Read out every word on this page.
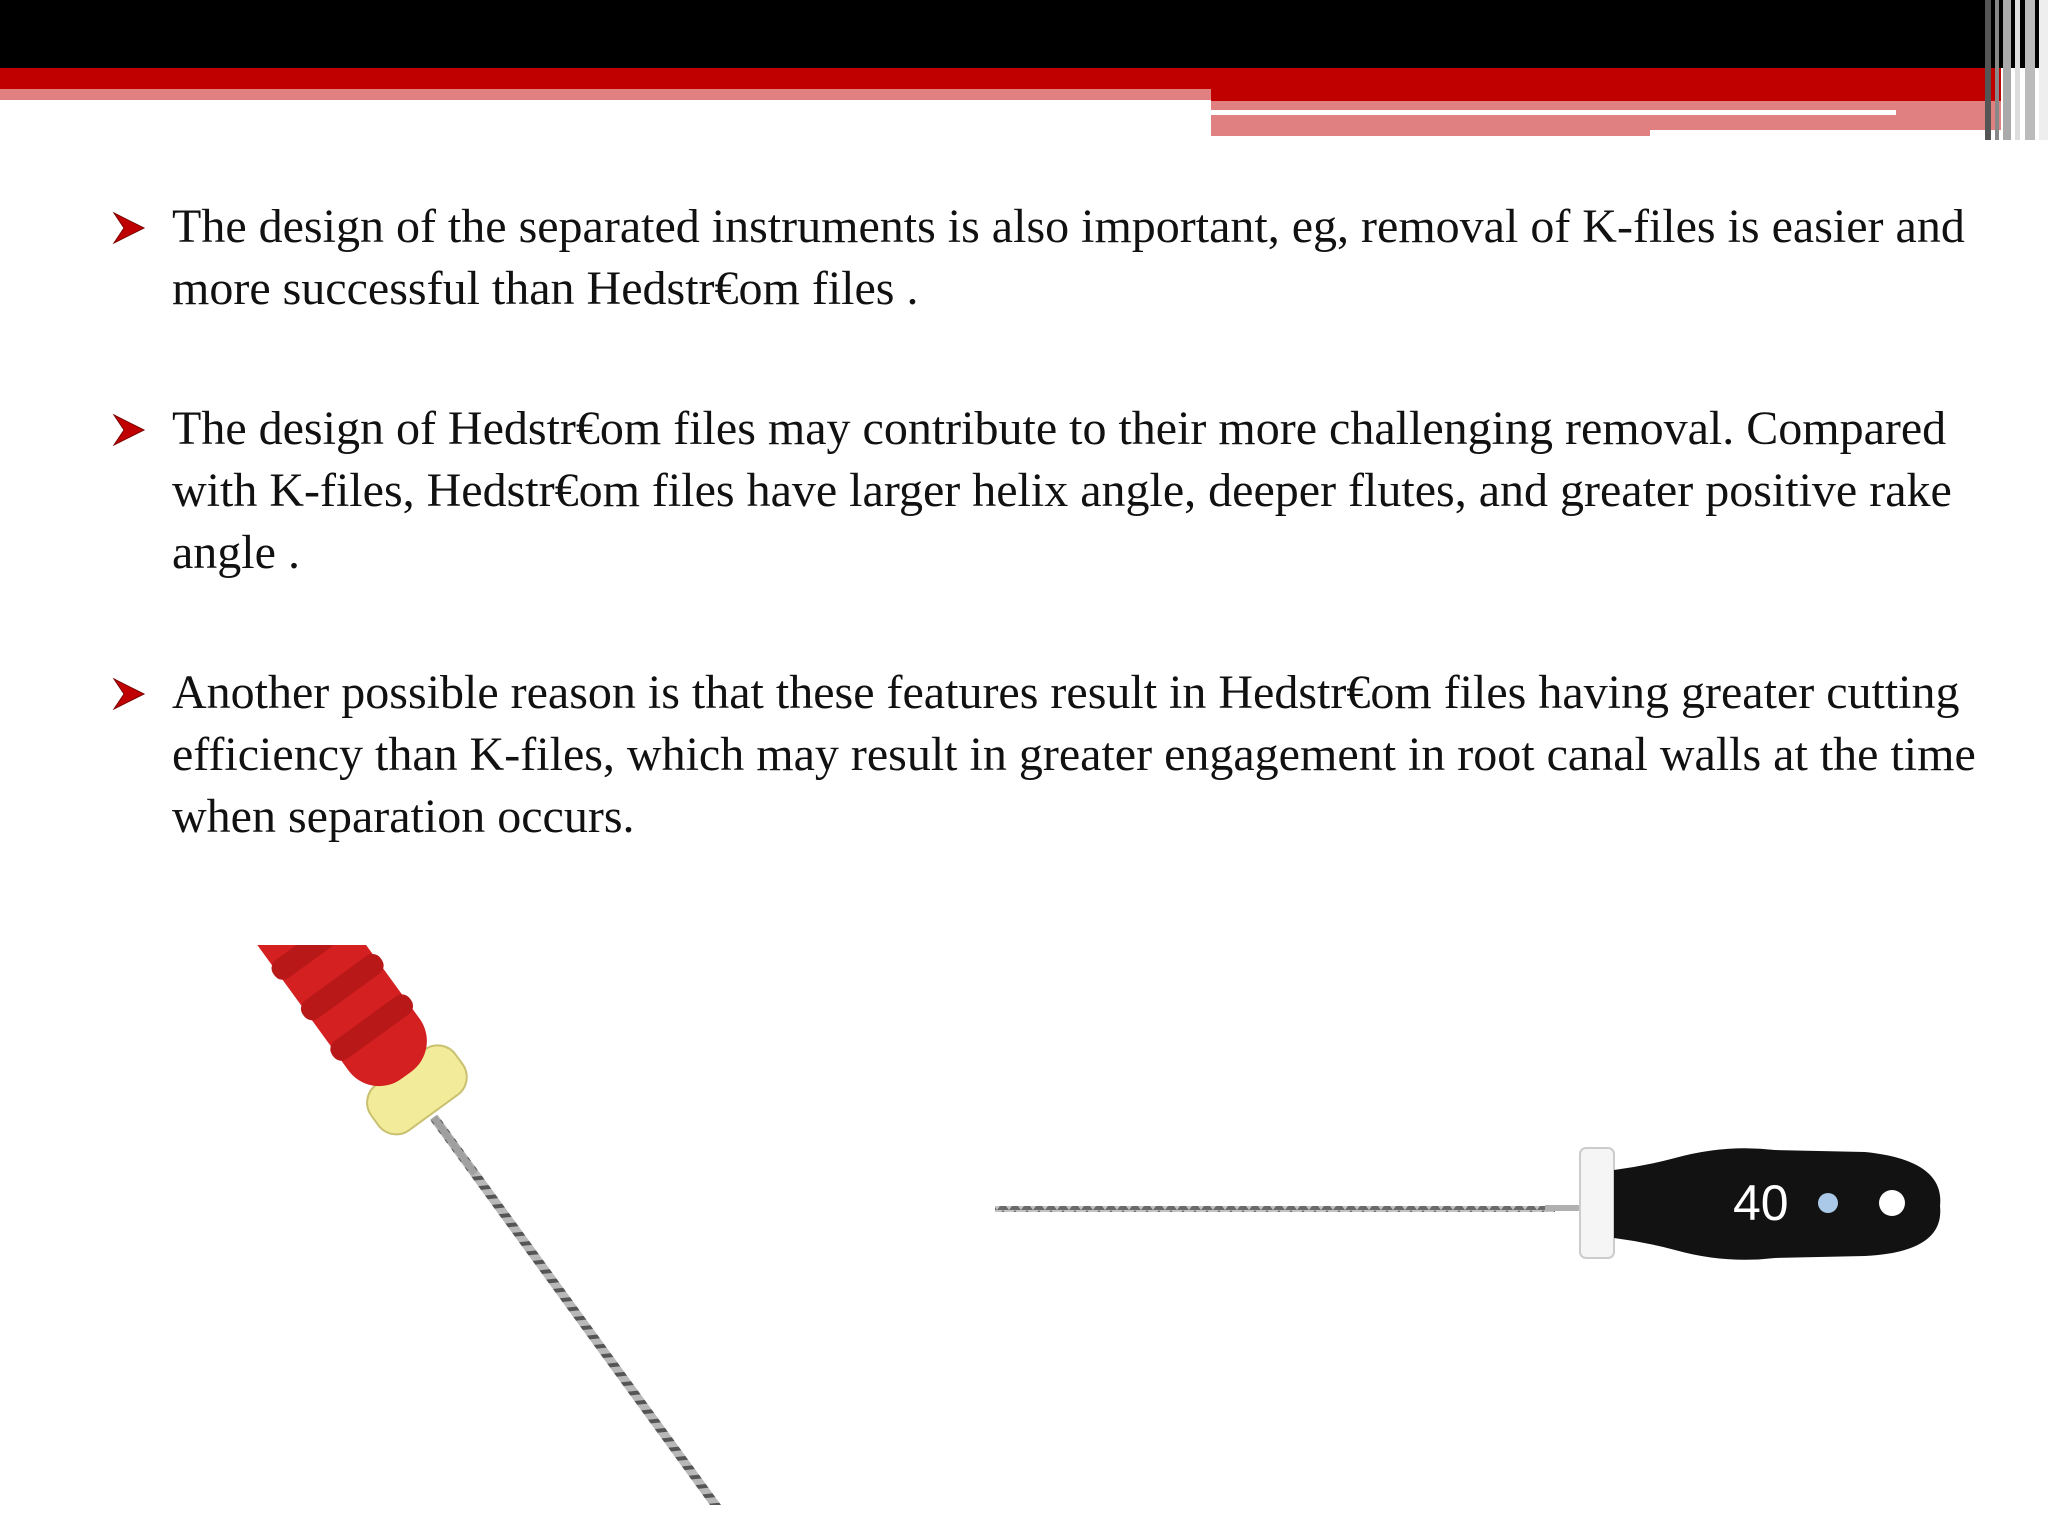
The design of the separated instruments is also important, eg, removal of K-files is easier and more successful than Hedstr€om files .
The design of Hedstr€om files may contribute to their more challenging removal. Compared with K-files, Hedstr€om files have larger helix angle, deeper flutes, and greater positive rake angle .
Another possible reason is that these features result in Hedstr€om files having greater cutting efficiency than K-files, which may result in greater engagement in root canal walls at the time when separation occurs.
25
40
